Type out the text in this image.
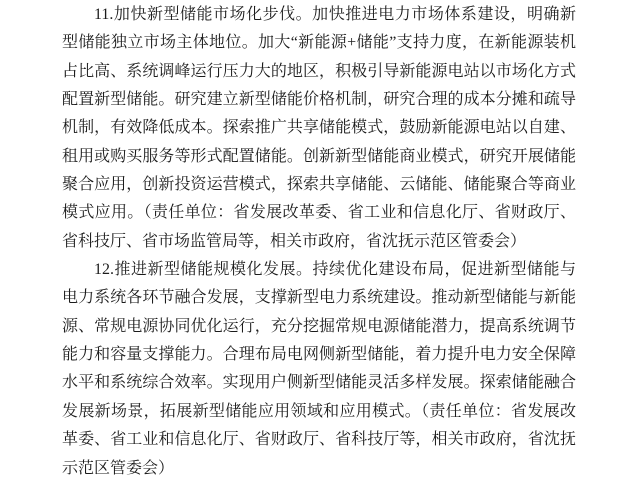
11.加快新型储能市场化步伐。加快推进电力市场体系建设，明确新型储能独立市场主体地位。加大“新能源+储能”支持力度，在新能源装机占比高、系统调峰运行压力大的地区，积极引导新能源电站以市场化方式配置新型储能。研究建立新型储能价格机制，研究合理的成本分摊和疏导机制，有效降低成本。探索推广共享储能模式，鼓励新能源电站以自建、租用或购买服务等形式配置储能。创新新型储能商业模式，研究开展储能聚合应用，创新投资运营模式，探索共享储能、云储能、储能聚合等商业模式应用。（责任单位：省发展改革委、省工业和信息化厅、省财政厅、省科技厅、省市场监管局等，相关市政府，省沈抚示范区管委会）

12.推进新型储能规模化发展。持续优化建设布局，促进新型储能与电力系统各环节融合发展，支撑新型电力系统建设。推动新型储能与新能源、常规电源协同优化运行，充分挖掘常规电源储能潜力，提高系统调节能力和容量支撑能力。合理布局电网侧新型储能，着力提升电力安全保障水平和系统综合效率。实现用户侧新型储能灵活多样发展。探索储能融合发展新场景，拓展新型储能应用领域和应用模式。（责任单位：省发展改革委、省工业和信息化厅、省财政厅、省科技厅等，相关市政府，省沈抚示范区管委会）
